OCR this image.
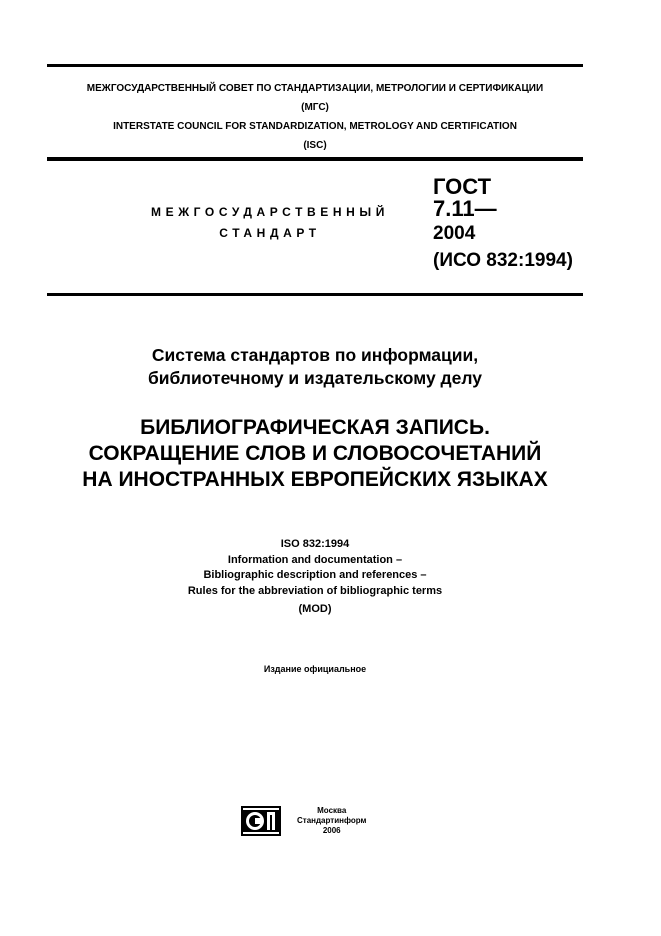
МЕЖГОСУДАРСТВЕННЫЙ СОВЕТ ПО СТАНДАРТИЗАЦИИ, МЕТРОЛОГИИ И СЕРТИФИКАЦИИ
(МГС)
INTERSTATE COUNCIL FOR STANDARDIZATION, METROLOGY AND CERTIFICATION
(ISC)
МЕЖГОСУДАРСТВЕННЫЙ
СТАНДАРТ
ГОСТ
7.11—
2004
(ИСО 832:1994)
Система стандартов по информации,
библиотечному и издательскому делу
БИБЛИОГРАФИЧЕСКАЯ ЗАПИСЬ.
СОКРАЩЕНИЕ СЛОВ И СЛОВОСОЧЕТАНИЙ
НА ИНОСТРАННЫХ ЕВРОПЕЙСКИХ ЯЗЫКАХ
ISO 832:1994
Information and documentation –
Bibliographic description and references –
Rules for the abbreviation of bibliographic terms
(MOD)
Издание официальное
Москва
Стандартинформ
2006
